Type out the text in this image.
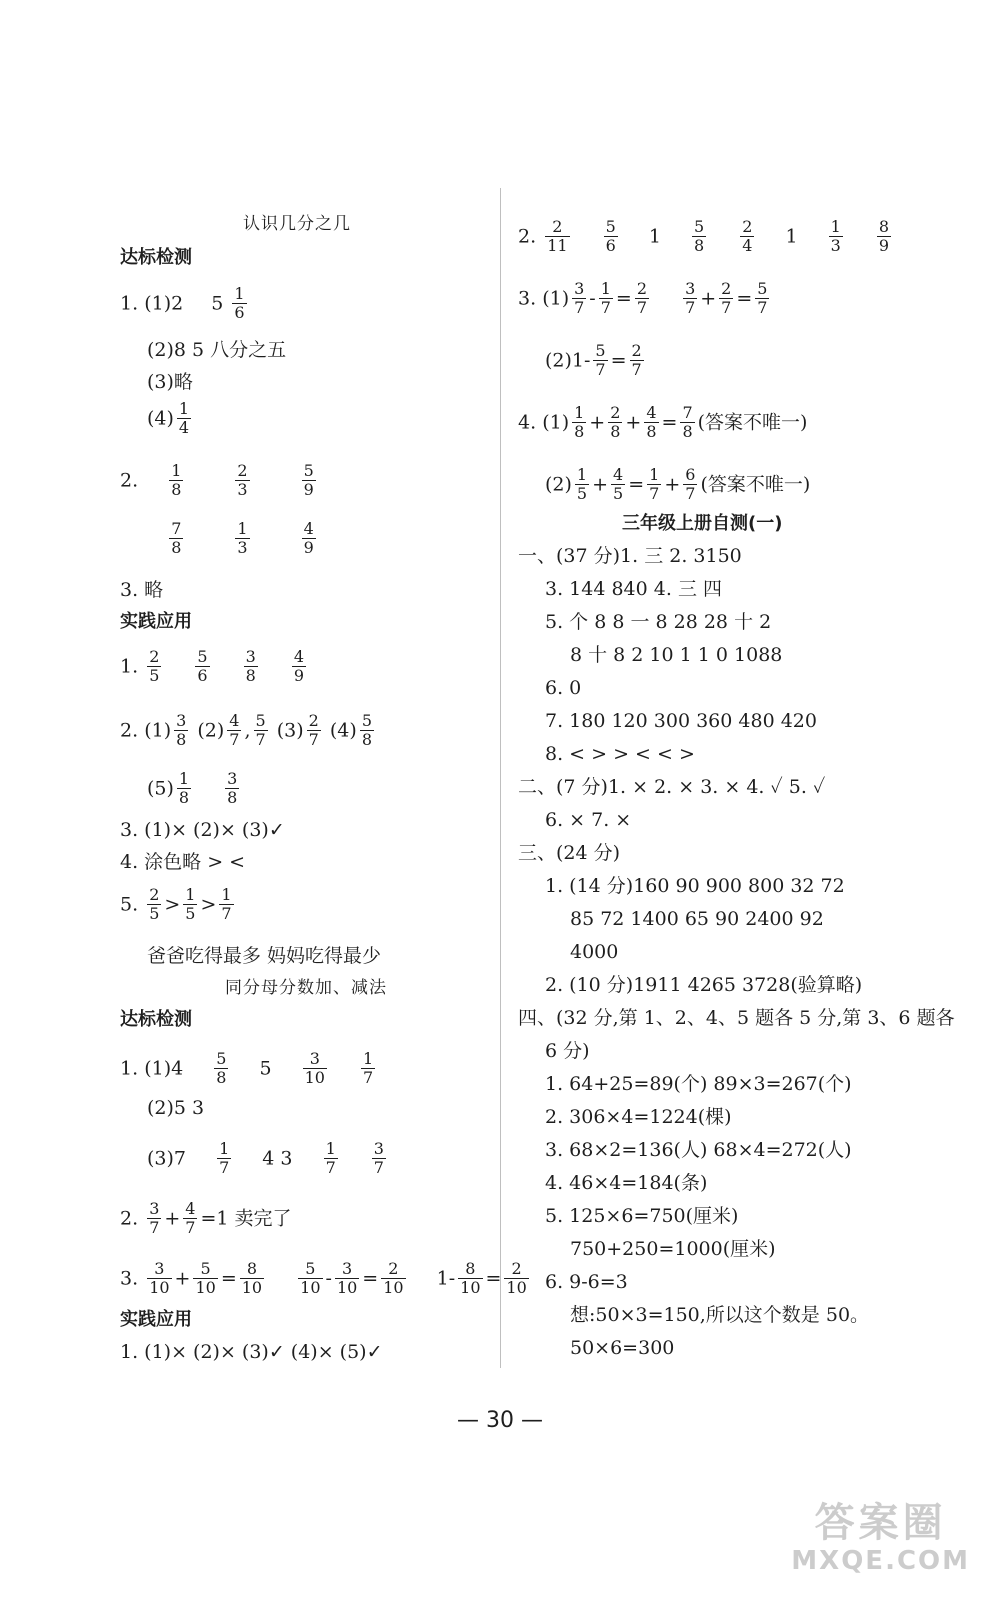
认识几分之几
达标检测
1. (1)2 $5 \frac{1}{6}$
(2)8 5 八分之五
(3)略
$(4) \frac{1}{4}$
2. $\frac{1}{8}$
	$\frac{2}{3}$
	$\frac{5}{9}$

$\frac{7}{8}$
	$\frac{1}{3}$
	$\frac{4}{9}$
3. 略
实践应用
1. $\frac{2}{5}$
$\frac{5}{6}$
$\frac{3}{8}$
$\frac{4}{9}$
2. $(1) \frac{3}{8} (2) \frac{4}{7}$ , $\frac{5}{7} (3) \frac{2}{7} (4) \frac{5}{8}$
$(5) \frac{1}{8}$
$\frac{3}{8}$
3. (1)× (2)× (3)✓
4. 涂色略 > <
5. $\frac{2}{5} > \frac{1}{5} > \frac{1}{7}$
爸爸吃得最多 妈妈吃得最少
同分母分数加、减法
达标检测
1. $(1)4 \frac{5}{8} 5 \frac{3}{10}$
$\frac{1}{7}$
(2)5 3
$(3)7 \frac{1}{7} 4$ $3 \frac{1}{7}$
$\frac{3}{7}$
2. $\frac{3}{7} + \frac{4}{7} =1$ 卖完了
3. $\frac{3}{10} + \frac{5}{10} = \frac{8}{10}$
$\frac{5}{10} - \frac{3}{10} = \frac{2}{10} 1- \frac{8}{10} = \frac{2}{10}$
实践应用
1. (1)× (2)× (3)✓ (4)× (5)✓
2. $\frac{2}{11}$
$\frac{5}{6} 1 \frac{5}{8}$
$\frac{2}{4} 1 \frac{1}{3}$
$\frac{8}{9}$
3. $(1) \frac{3}{7} - \frac{1}{7} = \frac{2}{7}$
$\frac{3}{7} + \frac{2}{7} = \frac{5}{7}$
$(2)1- \frac{5}{7} = \frac{2}{7}$
4. $(1) \frac{1}{8} + \frac{2}{8} + \frac{4}{8} = \frac{7}{8}$ (答案不唯一)
$(2) \frac{1}{5} + \frac{4}{5} = \frac{1}{7} + \frac{6}{7}$ (答案不唯一)
三年级上册自测(一)
一、(37 分)1. 三 2. 3150
3. 144 840 4. 三 四
5. 个 8 8 一 8 28 28 十 2
8 十 8 2 10 1 1 0 1088
6. 0
7. 180 120 300 360 480 420
8. < > > < < >
二、(7 分)1. × 2. × 3. × 4. ✓ 5. ✓
6. × 7. ×
三、(24 分)
1. (14 分)160 90 900 800 32 72
85 72 1400 65 90 2400 92
4000
2. (10 分)1911 4265 3728(验算略)
四、(32 分,第 1、2、4、5 题各 5 分,第 3、6 题各
6 分)
1. 64+25=89(个) 89×3=267(个)
2. 306×4=1224(棵)
3. 68×2=136(人) 68×4=272(人)
4. 46×4=184(条)
5. 125×6=750(厘米)
750+250=1000(厘米)
6. 9-6=3
想:50×3=150,所以这个数是 50。
50×6=300
— 30 —
答案圈
MXQE.COM
